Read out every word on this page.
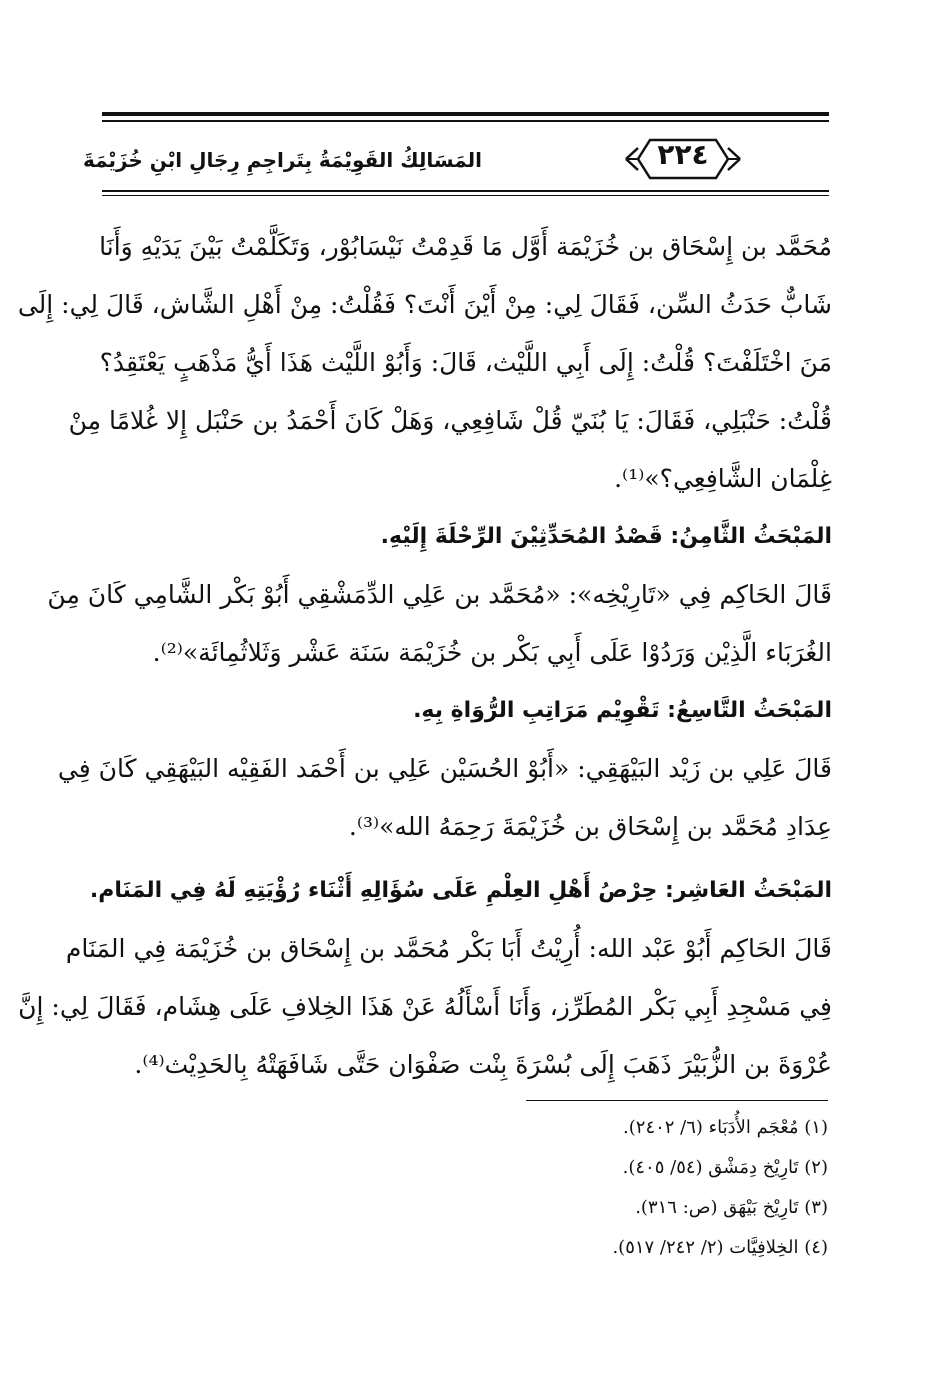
٢٢٤
المَسَالِكُ القَوِيْمَةُ بِتَراجِمِ رِجَالِ ابْنِ خُزَيْمَةَ
مُحَمَّد بن إِسْحَاق بن خُزَيْمَة أَوَّل مَا قَدِمْتُ نَيْسَابُوْر، وَتَكَلَّمْتُ بَيْنَ يَدَيْهِ وَأَنَا
شَابٌّ حَدَثُ السِّن، فَقَالَ لِي: مِنْ أَيْنَ أَنْتَ؟ فَقُلْتُ: مِنْ أَهْلِ الشَّاش، قَالَ لِي: إِلَى
مَنَ اخْتَلَفْتَ؟ قُلْتُ: إِلَى أَبِي اللَّيْث، قَالَ: وَأَبُوْ اللَّيْث هَذَا أَيُّ مَذْهَبٍ يَعْتَقِدُ؟
قُلْتُ: حَنْبَلِي، فَقَالَ: يَا بُنَيّ قُلْ شَافِعِي، وَهَلْ كَانَ أَحْمَدُ بن حَنْبَل إِلا غُلامًا مِنْ
غِلْمَان الشَّافِعِي؟»⁽¹⁾.
المَبْحَثُ الثَّامِنُ: قَصْدُ المُحَدِّثِيْنَ الرِّحْلَةَ إِلَيْهِ.
قَالَ الحَاكِم فِي «تَارِيْخِه»: «مُحَمَّد بن عَلِي الدِّمَشْقِي أَبُوْ بَكْر الشَّامِي كَانَ مِنَ
الغُرَبَاء الَّذِيْن وَرَدُوْا عَلَى أَبِي بَكْر بن خُزَيْمَة سَنَة عَشْر وَثَلاثُمِائَة»⁽²⁾.
المَبْحَثُ التَّاسِعُ: تَقْوِيْم مَرَاتِبِ الرُّوَاةِ بِهِ.
قَالَ عَلِي بن زَيْد البَيْهَقِي: «أَبُوْ الحُسَيْن عَلِي بن أَحْمَد الفَقِيْه البَيْهَقِي كَانَ فِي
عِدَادِ مُحَمَّد بن إِسْحَاق بن خُزَيْمَةَ رَحِمَهُ الله»⁽³⁾.
المَبْحَثُ العَاشِر: حِرْصُ أَهْلِ العِلْمِ عَلَى سُؤَالِهِ أَثْنَاء رُؤْيَتِهِ لَهُ فِي المَنَام.
قَالَ الحَاكِم أَبُوْ عَبْد الله: أُرِيْتُ أَبَا بَكْر مُحَمَّد بن إِسْحَاق بن خُزَيْمَة فِي المَنَام
فِي مَسْجِدِ أَبِي بَكْر المُطَرِّز، وَأَنَا أَسْأَلُهُ عَنْ هَذَا الخِلافِ عَلَى هِشَام، فَقَالَ لِي: إِنَّ
عُرْوَةَ بن الزُّبَيْرَ ذَهَبَ إِلَى بُسْرَةَ بِنْت صَفْوَان حَتَّى شَافَهَتْهُ بِالحَدِيْث⁽⁴⁾.
(١) مُعْجَم الأُدَبَاء (٦/ ٢٤٠٢).
(٢) تَارِيْخ دِمَشْق (٥٤/ ٤٠٥).
(٣) تَارِيْخ بَيْهَق (ص: ٣١٦).
(٤) الخِلافِيَّات (٢/ ٢٤٢/ ٥١٧).
